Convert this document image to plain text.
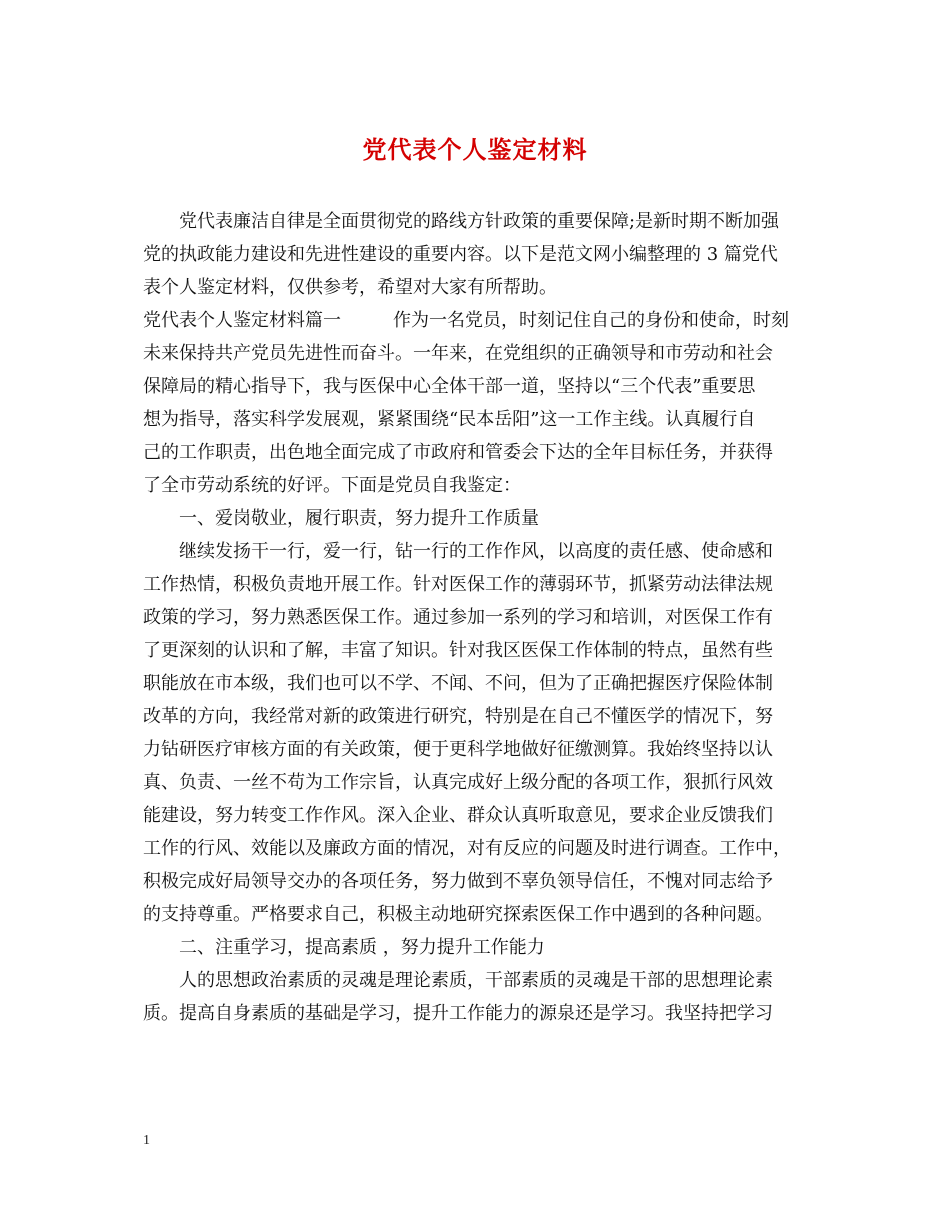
党代表个人鉴定材料
党代表廉洁自律是全面贯彻党的路线方针政策的重要保障;是新时期不断加强
党的执政能力建设和先进性建设的重要内容。以下是范文网小编整理的 3 篇党代
表个人鉴定材料，仅供参考，希望对大家有所帮助。
党代表个人鉴定材料篇一	作为一名党员，时刻记住自己的身份和使命，时刻
未来保持共产党员先进性而奋斗。一年来，在党组织的正确领导和市劳动和社会
保障局的精心指导下，我与医保中心全体干部一道，坚持以“三个代表”重要思
想为指导，落实科学发展观，紧紧围绕“民本岳阳”这一工作主线。认真履行自
己的工作职责，出色地全面完成了市政府和管委会下达的全年目标任务，并获得
了全市劳动系统的好评。下面是党员自我鉴定：
一、爱岗敬业，履行职责，努力提升工作质量
继续发扬干一行，爱一行，钻一行的工作作风，以高度的责任感、使命感和
工作热情，积极负责地开展工作。针对医保工作的薄弱环节，抓紧劳动法律法规
政策的学习，努力熟悉医保工作。通过参加一系列的学习和培训，对医保工作有
了更深刻的认识和了解，丰富了知识。针对我区医保工作体制的特点，虽然有些
职能放在市本级，我们也可以不学、不闻、不问，但为了正确把握医疗保险体制
改革的方向，我经常对新的政策进行研究，特别是在自己不懂医学的情况下，努
力钻研医疗审核方面的有关政策，便于更科学地做好征缴测算。我始终坚持以认
真、负责、一丝不苟为工作宗旨，认真完成好上级分配的各项工作，狠抓行风效
能建设，努力转变工作作风。深入企业、群众认真听取意见，要求企业反馈我们
工作的行风、效能以及廉政方面的情况，对有反应的问题及时进行调查。工作中，
积极完成好局领导交办的各项任务，努力做到不辜负领导信任，不愧对同志给予
的支持尊重。严格要求自己，积极主动地研究探索医保工作中遇到的各种问题。
二、注重学习，提高素质 ，努力提升工作能力
人的思想政治素质的灵魂是理论素质，干部素质的灵魂是干部的思想理论素
质。提高自身素质的基础是学习，提升工作能力的源泉还是学习。我坚持把学习
1
